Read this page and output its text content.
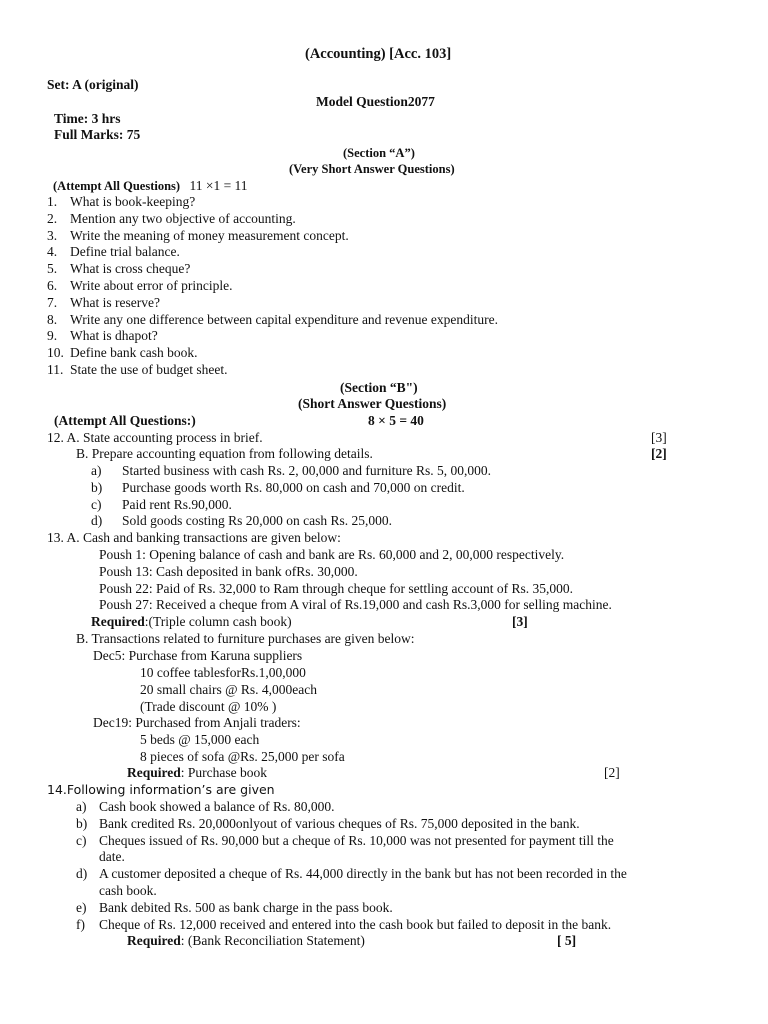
(Accounting) [Acc. 103]
Set: A (original)
Model Question2077
Time: 3 hrs
Full Marks: 75
(Section “A”)
(Very Short Answer Questions)
(Attempt All Questions) 11 ×1 = 11
1. What is book-keeping?
2. Mention any two objective of accounting.
3. Write the meaning of money measurement concept.
4. Define trial balance.
5. What is cross cheque?
6. Write about error of principle.
7. What is reserve?
8. Write any one difference between capital expenditure and revenue expenditure.
9. What is dhapot?
10. Define bank cash book.
11. State the use of budget sheet.
(Section “B")
(Short Answer Questions)
(Attempt All Questions:)	8 × 5 = 40
12. A. State accounting process in brief.	[3]
B. Prepare accounting equation from following details.	[2]
a) Started business with cash Rs. 2, 00,000 and furniture Rs. 5, 00,000.
b) Purchase goods worth Rs. 80,000 on cash and 70,000 on credit.
c) Paid rent Rs.90,000.
d) Sold goods costing Rs 20,000 on cash Rs. 25,000.
13. A. Cash and banking transactions are given below:
Poush 1: Opening balance of cash and bank are Rs. 60,000 and 2, 00,000 respectively.
Poush 13: Cash deposited in bank ofRs. 30,000.
Poush 22: Paid of Rs. 32,000 to Ram through cheque for settling account of Rs. 35,000.
Poush 27: Received a cheque from A viral of Rs.19,000 and cash Rs.3,000 for selling machine.
Required:(Triple column cash book)	[3]
B. Transactions related to furniture purchases are given below:
Dec5: Purchase from Karuna suppliers
10 coffee tablesforRs.1,00,000
20 small chairs @ Rs. 4,000each
(Trade discount @ 10% )
Dec19: Purchased from Anjali traders:
5 beds @ 15,000 each
8 pieces of sofa @Rs. 25,000 per sofa
Required: Purchase book	[2]
14.Following information’s are given
a) Cash book showed a balance of Rs. 80,000.
b) Bank credited Rs. 20,000onlyout of various cheques of Rs. 75,000 deposited in the bank.
c) Cheques issued of Rs. 90,000 but a cheque of Rs. 10,000 was not presented for payment till the
date.
d) A customer deposited a cheque of Rs. 44,000 directly in the bank but has not been recorded in the
cash book.
e) Bank debited Rs. 500 as bank charge in the pass book.
f) Cheque of Rs. 12,000 received and entered into the cash book but failed to deposit in the bank.
Required: (Bank Reconciliation Statement)	[ 5]
